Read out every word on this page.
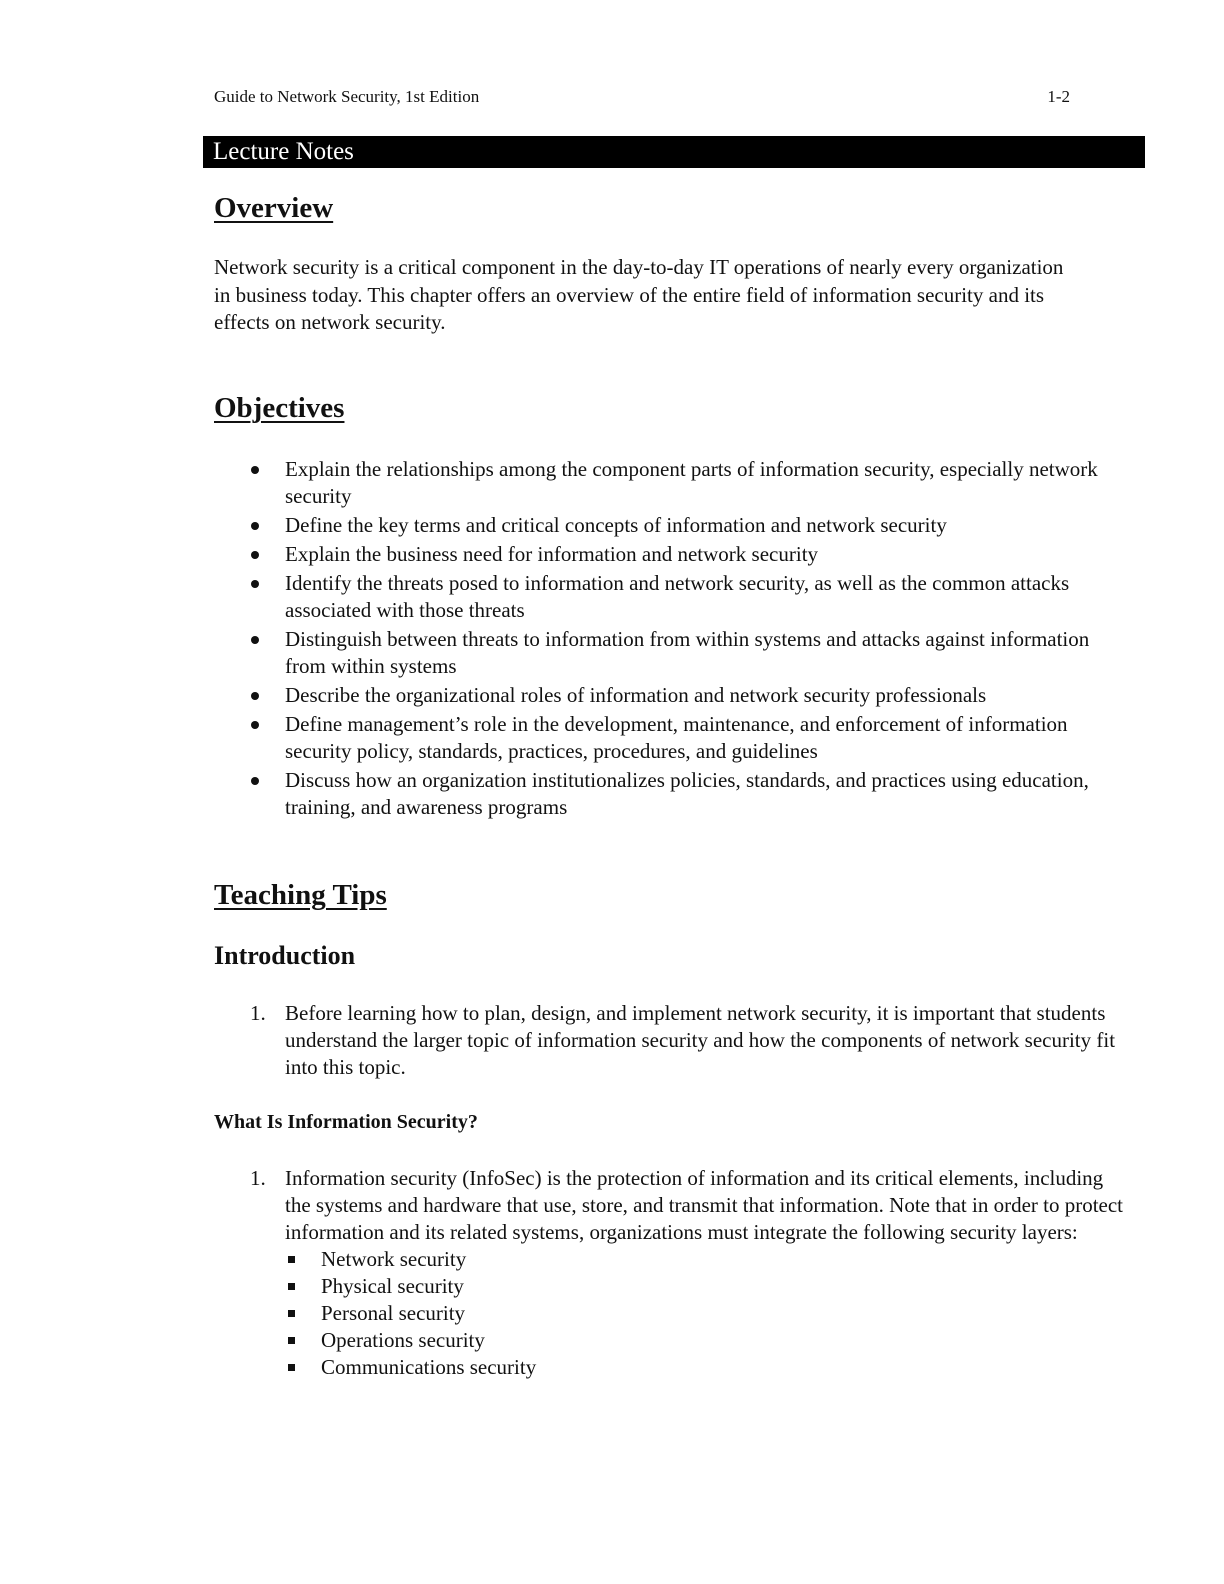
Guide to Network Security, 1st Edition	1-2
Lecture Notes
Overview
Network security is a critical component in the day-to-day IT operations of nearly every organization in business today. This chapter offers an overview of the entire field of information security and its effects on network security.
Objectives
Explain the relationships among the component parts of information security, especially network security
Define the key terms and critical concepts of information and network security
Explain the business need for information and network security
Identify the threats posed to information and network security, as well as the common attacks associated with those threats
Distinguish between threats to information from within systems and attacks against information from within systems
Describe the organizational roles of information and network security professionals
Define management’s role in the development, maintenance, and enforcement of information security policy, standards, practices, procedures, and guidelines
Discuss how an organization institutionalizes policies, standards, and practices using education, training, and awareness programs
Teaching Tips
Introduction
1. Before learning how to plan, design, and implement network security, it is important that students understand the larger topic of information security and how the components of network security fit into this topic.
What Is Information Security?
1. Information security (InfoSec) is the protection of information and its critical elements, including the systems and hardware that use, store, and transmit that information. Note that in order to protect information and its related systems, organizations must integrate the following security layers:
Network security
Physical security
Personal security
Operations security
Communications security
